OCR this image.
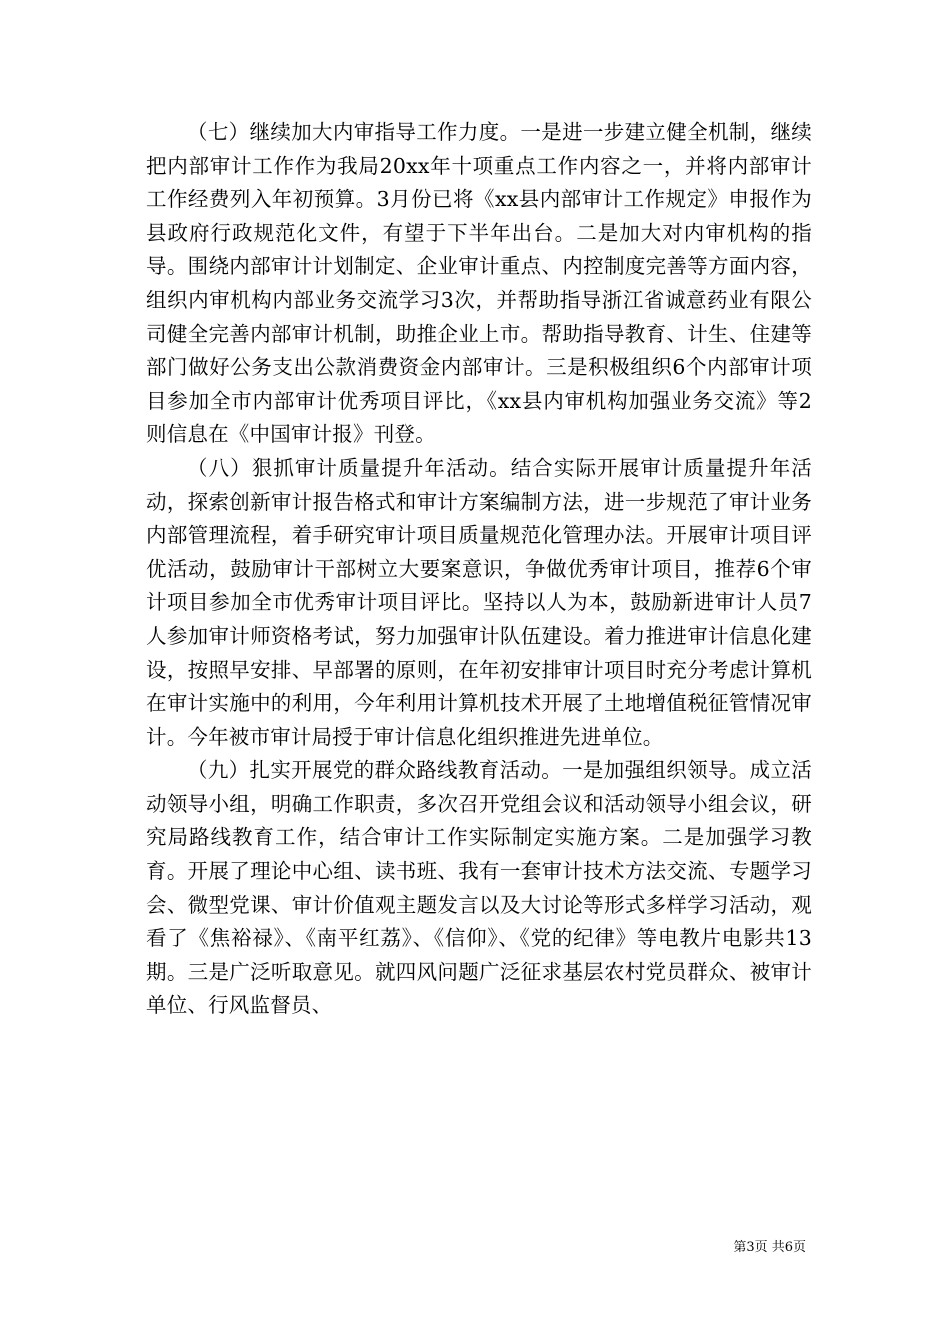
（七）继续加大内审指导工作力度。一是进一步建立健全机制，继续把内部审计工作作为我局20xx年十项重点工作内容之一，并将内部审计工作经费列入年初预算。3月份已将《xx县内部审计工作规定》申报作为县政府行政规范化文件，有望于下半年出台。二是加大对内审机构的指导。围绕内部审计计划制定、企业审计重点、内控制度完善等方面内容，组织内审机构内部业务交流学习3次，并帮助指导浙江省诚意药业有限公司健全完善内部审计机制，助推企业上市。帮助指导教育、计生、住建等部门做好公务支出公款消费资金内部审计。三是积极组织6个内部审计项目参加全市内部审计优秀项目评比，《xx县内审机构加强业务交流》等2则信息在《中国审计报》刊登。

（八）狠抓审计质量提升年活动。结合实际开展审计质量提升年活动，探索创新审计报告格式和审计方案编制方法，进一步规范了审计业务内部管理流程，着手研究审计项目质量规范化管理办法。开展审计项目评优活动，鼓励审计干部树立大要案意识，争做优秀审计项目，推荐6个审计项目参加全市优秀审计项目评比。坚持以人为本，鼓励新进审计人员7人参加审计师资格考试，努力加强审计队伍建设。着力推进审计信息化建设，按照早安排、早部署的原则，在年初安排审计项目时充分考虑计算机在审计实施中的利用，今年利用计算机技术开展了土地增值税征管情况审计。今年被市审计局授于审计信息化组织推进先进单位。

（九）扎实开展党的群众路线教育活动。一是加强组织领导。成立活动领导小组，明确工作职责，多次召开党组会议和活动领导小组会议，研究局路线教育工作，结合审计工作实际制定实施方案。二是加强学习教育。开展了理论中心组、读书班、我有一套审计技术方法交流、专题学习会、微型党课、审计价值观主题发言以及大讨论等形式多样学习活动，观看了《焦裕禄》、《南平红荔》、《信仰》、《党的纪律》等电教片电影共13期。三是广泛听取意见。就四风问题广泛征求基层农村党员群众、被审计单位、行风监督员、

第3页 共6页
